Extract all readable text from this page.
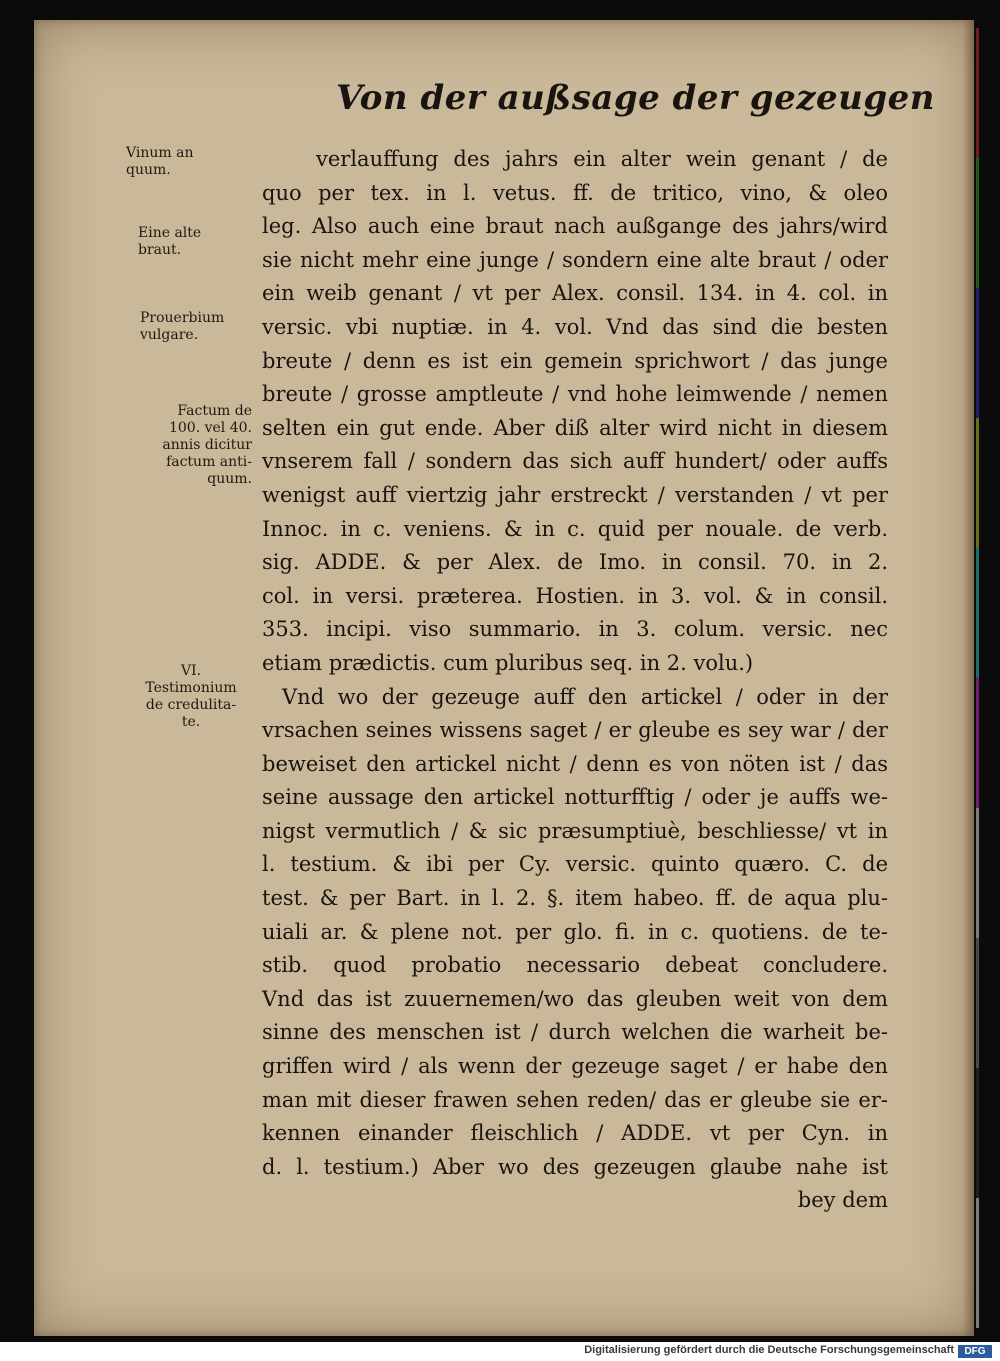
Von der außsage der gezeugen
Vinum an
quum.
Eine alte
braut.
Prouerbium
vulgare.
Factum de
100. vel 40.
annis dicitur
factum anti-
quum.
VI.
Testimonium
de credulita-
te.
verlauffung des jahrs ein alter wein genant / de
quo per tex. in l. vetus. ff. de tritico, vino, & oleo
leg. Also auch eine braut nach außgange des jahrs/wird
sie nicht mehr eine junge / sondern eine alte braut / oder
ein weib genant / vt per Alex. consil. 134. in 4. col. in
versic. vbi nuptiæ. in 4. vol. Vnd das sind die besten
breute / denn es ist ein gemein sprichwort / das junge
breute / grosse amptleute / vnd hohe leimwende / nemen
selten ein gut ende. Aber diß alter wird nicht in diesem
vnserem fall / sondern das sich auff hundert/ oder auffs
wenigst auff viertzig jahr erstreckt / verstanden / vt per
Innoc. in c. veniens. & in c. quid per nouale. de verb.
sig. ADDE. & per Alex. de Imo. in consil. 70. in 2.
col. in versi. præterea. Hostien. in 3. vol. & in consil.
353. incipi. viso summario. in 3. colum. versic. nec
etiam prædictis. cum pluribus seq. in 2. volu.)
Vnd wo der gezeuge auff den artickel / oder in der
vrsachen seines wissens saget / er gleube es sey war / der
beweiset den artickel nicht / denn es von nöten ist / das
seine aussage den artickel notturfftig / oder je auffs we-
nigst vermutlich / & sic præsumptiuè, beschliesse/ vt in
l. testium. & ibi per Cy. versic. quinto quæro. C. de
test. & per Bart. in l. 2. §. item habeo. ff. de aqua plu-
uiali ar. & plene not. per glo. fi. in c. quotiens. de te-
stib. quod probatio necessario debeat concludere.
Vnd das ist zuuernemen/wo das gleuben weit von dem
sinne des menschen ist / durch welchen die warheit be-
griffen wird / als wenn der gezeuge saget / er habe den
man mit dieser frawen sehen reden/ das er gleube sie er-
kennen einander fleischlich / ADDE. vt per Cyn. in
d. l. testium.) Aber wo des gezeugen glaube nahe ist
bey dem
Digitalisierung gefördert durch die Deutsche Forschungsgemeinschaft	DFG
